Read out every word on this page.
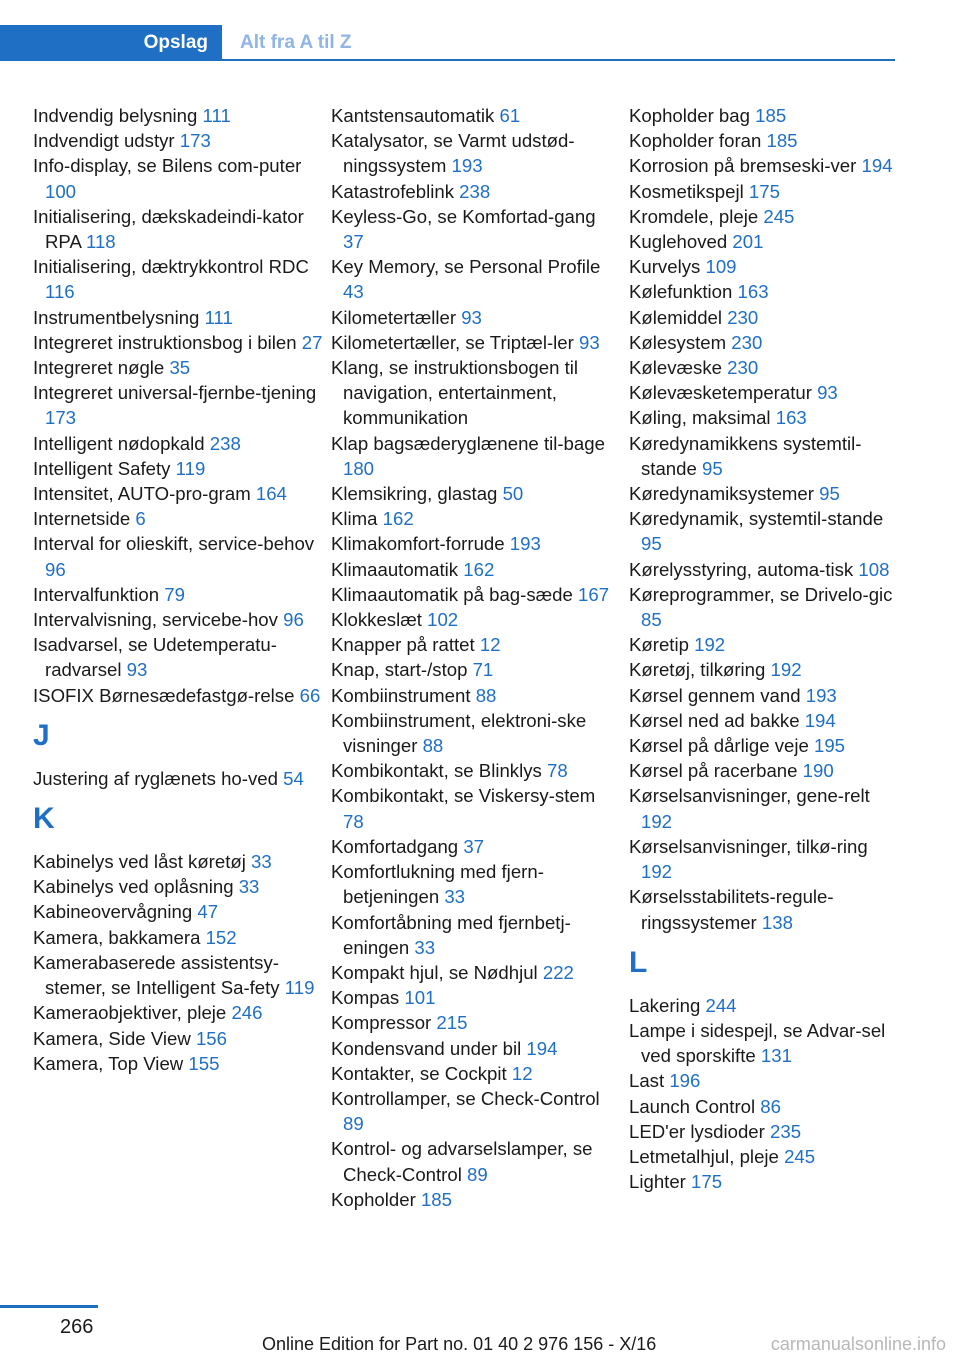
Opslag	Alt fra A til Z
Indvendig belysning 111
Indvendigt udstyr 173
Info-display, se Bilens com-puter 100
Initialisering, dækskadeindi-kator RPA 118
Initialisering, dæktrykkontrol RDC 116
Instrumentbelysning 111
Integreret instruktionsbog i bilen 27
Integreret nøgle 35
Integreret universal-fjernbe-tjening 173
Intelligent nødopkald 238
Intelligent Safety 119
Intensitet, AUTO-pro-gram 164
Internetside 6
Interval for olieskift, service-behov 96
Intervalfunktion 79
Intervalvisning, servicebe-hov 96
Isadvarsel, se Udetemperatu-radvarsel 93
ISOFIX Børnesædefastgø-relse 66
J
Justering af ryglænets ho-ved 54
K
Kabinelys ved låst køretøj 33
Kabinelys ved oplåsning 33
Kabineovervågning 47
Kamera, bakkamera 152
Kamerabaserede assistentsy-stemer, se Intelligent Sa-fety 119
Kameraobjektiver, pleje 246
Kamera, Side View 156
Kamera, Top View 155
Kantstensautomatik 61
Katalysator, se Varmt udstød-ningssystem 193
Katastrofeblink 238
Keyless-Go, se Komfortad-gang 37
Key Memory, se Personal Profile 43
Kilometertæller 93
Kilometertæller, se Triptæl-ler 93
Klang, se instruktionsbogen til navigation, entertainment, kommunikation
Klap bagsæderyglænene til-bage 180
Klemsikring, glastag 50
Klima 162
Klimakomfort-forrude 193
Klimaautomatik 162
Klimaautomatik på bag-sæde 167
Klokkeslæt 102
Knapper på rattet 12
Knap, start-/stop 71
Kombiinstrument 88
Kombiinstrument, elektroni-ske visninger 88
Kombikontakt, se Blinklys 78
Kombikontakt, se Viskersy-stem 78
Komfortadgang 37
Komfortlukning med fjern-betjeningen 33
Komfortåbning med fjernbetj-eningen 33
Kompakt hjul, se Nødhjul 222
Kompas 101
Kompressor 215
Kondensvand under bil 194
Kontakter, se Cockpit 12
Kontrollamper, se Check-Control 89
Kontrol- og advarselslamper, se Check-Control 89
Kopholder 185
Kopholder bag 185
Kopholder foran 185
Korrosion på bremseski-ver 194
Kosmetikspejl 175
Kromdele, pleje 245
Kuglehoved 201
Kurvelys 109
Kølefunktion 163
Kølemiddel 230
Kølesystem 230
Kølevæske 230
Kølevæsketemperatur 93
Køling, maksimal 163
Køredynamikkens systemtil-stande 95
Køredynamiksystemer 95
Køredynamik, systemtil-stande 95
Kørelysstyring, automa-tisk 108
Køreprogrammer, se Drivelo-gic 85
Køretip 192
Køretøj, tilkøring 192
Kørsel gennem vand 193
Kørsel ned ad bakke 194
Kørsel på dårlige veje 195
Kørsel på racerbane 190
Kørselsanvisninger, gene-relt 192
Kørselsanvisninger, tilkø-ring 192
Kørselsstabilitets-regule-ringssystemer 138
L
Lakering 244
Lampe i sidespejl, se Advar-sel ved sporskifte 131
Last 196
Launch Control 86
LED'er lysdioder 235
Letmetalhjul, pleje 245
Lighter 175
266
Online Edition for Part no. 01 40 2 976 156 - X/16	carmanualsonline.info
